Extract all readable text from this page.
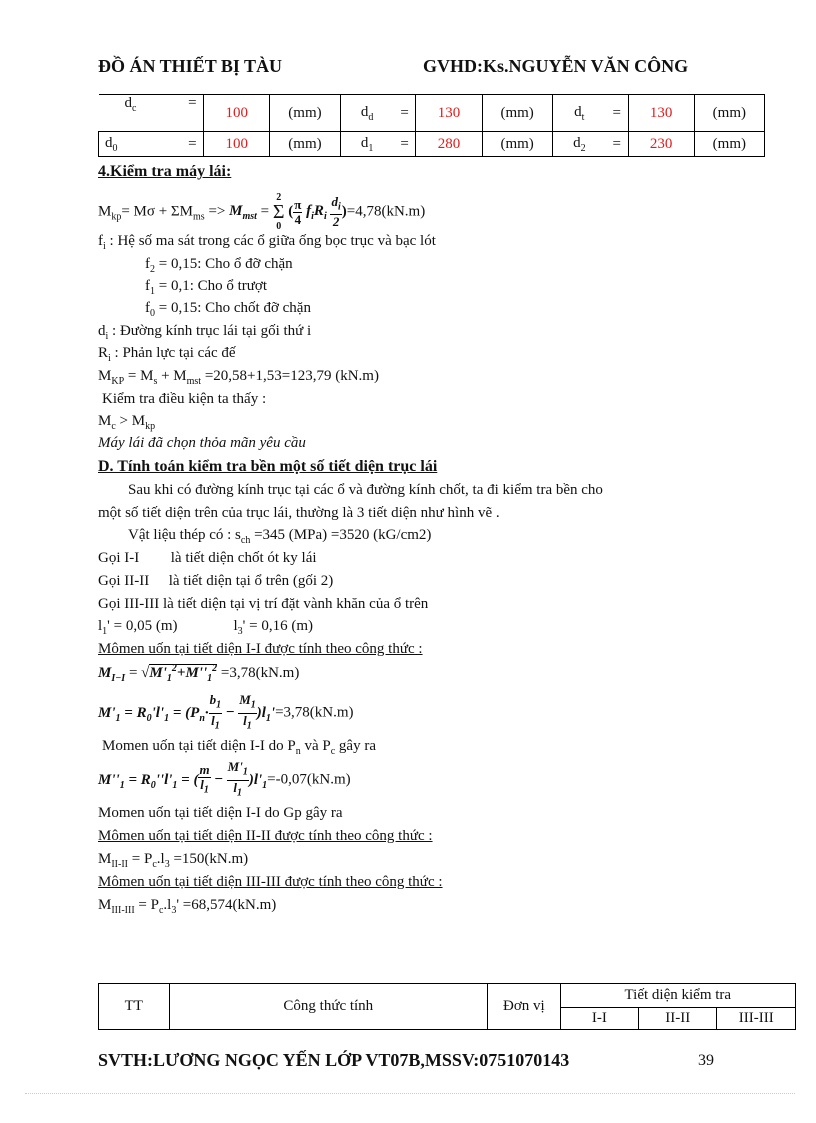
ĐỒ ÁN THIẾT BỊ TÀU	GVHD:Ks.NGUYỄN VĂN CÔNG
$d_c$	=	100	(mm)	$d_d$	=	130	(mm)	$d_t$	=	130	(mm)
$d_0$	=	100	(mm)	$d_1$	=	280	(mm)	$d_2$	=	230	(mm)
4.Kiểm tra máy lái:
$M_{kp}= M\sigma + \Sigma M_{ms} => M_{mst}$ =
2
Σ
0
( $\frac{\pi}{4} f_iR_i \frac{d_i}{2} )=4,78(kN.m)$
$f_i$ : Hệ số ma sát trong các ổ giữa ống bọc trục và bạc lót
$f_2 = 0,15$: Cho ổ đỡ chặn
$f_1 = 0,1$: Cho ổ trượt
$f_0 = 0,15$: Cho chốt đỡ chặn
$d_i$ : Đường kính trục lái tại gối thứ i
$R_i$ : Phản lực tại các đế
$M_{KP} = M_s + M_{mst} =20,58+1,53=123,79$ (kN.m)
Kiểm tra điều kiện ta thấy :
$M_c > M_{kp}$
Máy lái đã chọn thỏa mãn yêu cầu
D. Tính toán kiểm tra bền một số tiết diện trục lái
Sau khi có đường kính trục tại các ổ và đường kính chốt, ta đi kiểm tra bền cho
một số tiết diện trên của trục lái, thường là 3 tiết diện như hình vẽ .
Vật liệu thép có : $s_{ch} =345$ (MPa) =3520 (kG/cm2)
Gọi I-I  là tiết diện chốt ót ky lái
Gọi II-II  là tiết diện tại ổ trên (gối 2)
Gọi III-III là tiết diện tại vị trí đặt vành khăn của ổ trên
$l_1' = 0,05$ (m)	$l_3' = 0,16$ (m)
Mômen uốn tại tiết diện I-I được tính theo công thức :
$M_{I-I} = √M'_1^2+M''_1^2 =3,78(kN.m)$
$M'_1 = R_0'l'_1 = (P_n\cdot \frac{b_1}{l_1} - \frac{M_1}{l_1} )l_1'=3,78(kN.m)$
Momen uốn tại tiết diện I-I do $P_n$ và $P_c$ gây ra
$M''_1 = R_0''l'_1$ = ( $\frac{m}{l_1} - \frac{M'_1}{l_1} )l'_1=-0,07(kN.m)$
Momen uốn tại tiết diện I-I do Gp gây ra
Mômen uốn tại tiết diện II-II được tính theo công thức :
$M_{II-II} = P_c.l_3 =150(kN.m)$
Mômen uốn tại tiết diện III-III được tính theo công thức :
$M_{III-III} = P_c.l_3' =68,574(kN.m)$
TT	Công thức tính	Đơn vị	Tiết diện kiểm tra		
			I-I	II-II	III-III
SVTH:LƯƠNG NGỌC YẾN LỚP VT07B,MSSV:0751070143	39
